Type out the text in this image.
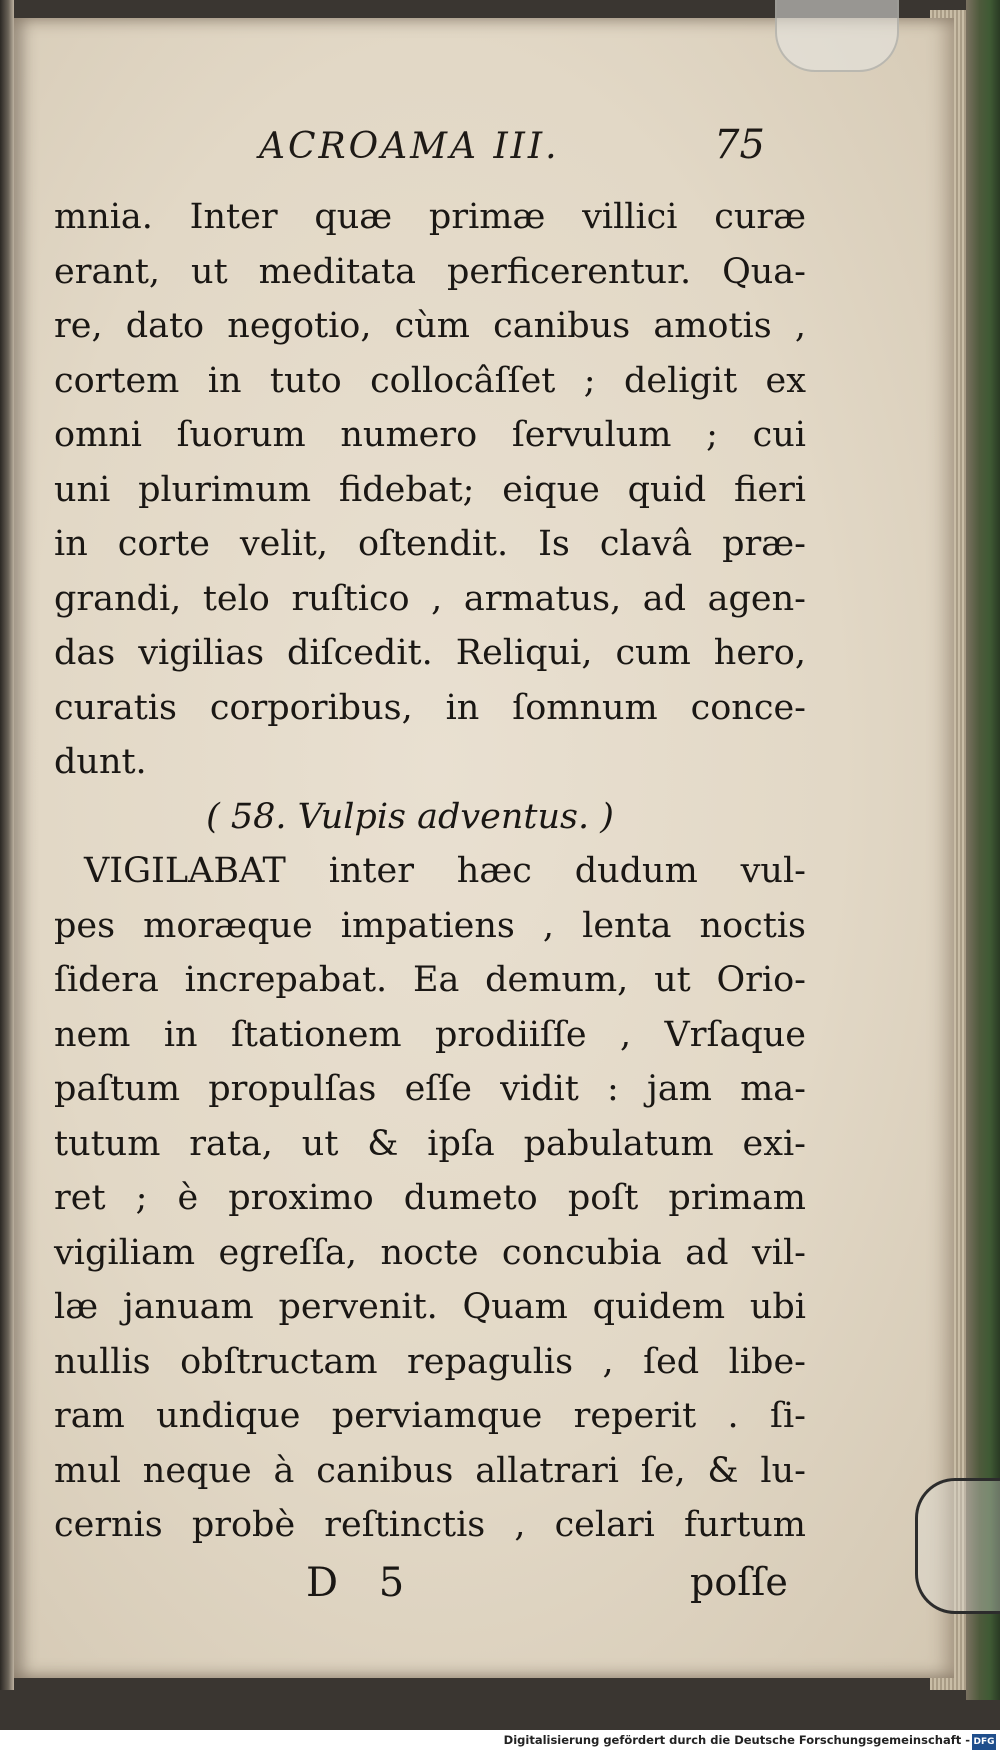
ACROAMA III.	75
mnia. Inter quæ primæ villici curæ
erant, ut meditata perficerentur. Qua-
re, dato negotio, cùm canibus amotis ,
cortem in tuto collocâſſet ; deligit ex
omni ſuorum numero ſervulum ; cui
uni plurimum fidebat; eique quid fieri
in corte velit, oſtendit. Is clavâ præ-
grandi, telo ruſtico , armatus, ad agen-
das vigilias diſcedit. Reliqui, cum hero,
curatis corporibus, in ſomnum conce-
dunt.
( 58. Vulpis adventus. )
VIGILABAT inter hæc dudum vul-
pes moræque impatiens , lenta noctis
ſidera increpabat. Ea demum, ut Orio-
nem in ſtationem prodiiſſe , Vrſaque
paſtum propulſas eſſe vidit : jam ma-
tutum rata, ut & ipſa pabulatum exi-
ret ; è proximo dumeto poſt primam
vigiliam egreſſa, nocte concubia ad vil-
læ januam pervenit. Quam quidem ubi
nullis obſtructam repagulis , ſed libe-
ram undique perviamque reperit . ſi-
mul neque à canibus allatrari ſe, & lu-
cernis probè reſtinctis , celari furtum
D 5	poſſe
Digitalisierung gefördert durch die Deutsche Forschungsgemeinschaft - DFG
